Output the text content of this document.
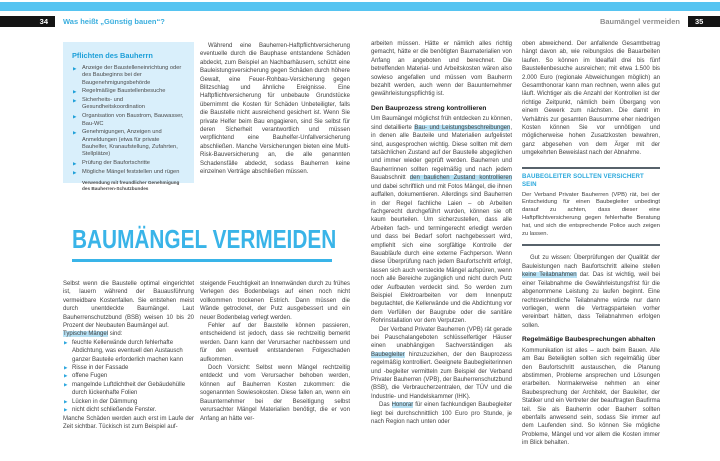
34	Was heißt „Günstig bauen“?	Baumängel vermeiden	35
Pflichten des Bauherrn
▶ Anzeige der Baustelleneinrichtung oder des Baubeginns bei der Baugenehmigungsbehörde
▶ Regelmäßige Baustellenbesuche
▶ Sicherheits- und Gesundheitskoordination
▶ Organisation von Baustrom, Bauwasser, Bau-WC
▶ Genehmigungen, Anzeigen und Anmeldungen (etwa für private Bauhelfer, Kranaufstellung, Zufahrten, Stellplätze)
▶ Prüfung der Baufortschritte
▶ Mögliche Mängel feststellen und rügen
Verwendung mit freundlicher Genehmigung des Bauherren-Schutzbundes

Während eine Bauherren-Haftpflichtversicherung eventuelle durch die Bauphase entstandene Schäden abdeckt, zum Beispiel an Nachbarhäusern, schützt eine Bauleistungsversicherung gegen Schäden durch höhere Gewalt, eine Feuer-Rohbau-Versicherung gegen Blitzschlag und ähnliche Ereignisse. Eine Haftpflichtversicherung für unbebaute Grundstücke übernimmt die Kosten für Schäden Unbeteiligter, falls die Baustelle nicht ausreichend gesichert ist. Wenn Sie private Helfer beim Bau engagieren, sind Sie selbst für deren Sicherheit verantwortlich und müssen verpflichtend eine Bauhelfer-Unfallversicherung abschließen. Manche Versicherungen bieten eine Multi-Risk-Bauversicherung an, die alle genannten Schadensfälle abdeckt, sodass Bauherren keine einzelnen Verträge abschließen müssen.

BAUMÄNGEL VERMEIDEN

Selbst wenn die Baustelle optimal eingerichtet ist, lauern während der Bauausführung vermeidbare Kostenfallen. Sie entstehen meist durch unentdeckte Baumängel. Laut Bauherrenschutzbund (BSB) weisen 10 bis 20 Prozent der Neubauten Baumängel auf.

Typische Mängel sind:

▶ feuchte Kellerwände durch fehlerhafte Abdichtung, was eventuell den Austausch ganzer Bauteile erforderlich machen kann
▶ Risse in der Fassade
▶ offene Fugen
▶ mangelnde Luftdichtheit der Gebäudehülle durch lückenhafte Folien
▶ Lücken in der Dämmung
▶ nicht dicht schließende Fenster.

Manche Schäden werden auch erst im Laufe der Zeit sichtbar. Tückisch ist zum Beispiel auf-

steigende Feuchtigkeit an Innenwänden durch zu frühes Verlegen des Bodenbelags auf einen noch nicht vollkommen trockenen Estrich. Dann müssen die Wände getrocknet, der Putz ausgebessert und ein neuer Bodenbelag verlegt werden.

Fehler auf der Baustelle können passieren, entscheidend ist jedoch, dass sie rechtzeitig bemerkt werden. Dann kann der Verursacher nachbessern und für den eventuell entstandenen Folgeschaden aufkommen.

Doch Vorsicht: Selbst wenn Mängel rechtzeitig entdeckt und vom Verursacher behoben werden, können auf Bauherren Kosten zukommen: die sogenannten Sowiesokosten. Diese fallen an, wenn ein Bauunternehmer bei der Beseitigung selbst verursachter Mängel Materialien benötigt, die er von Anfang an hätte ver-

arbeiten müssen. Hätte er nämlich alles richtig gemacht, hätte er die benötigten Baumaterialien von Anfang an angeboten und berechnet. Die betreffenden Material- und Arbeitskosten wären also sowieso angefallen und müssen vom Bauherrn bezahlt werden, auch wenn der Bauunternehmer gewährleistungspflichtig ist.

Den Bauprozess streng kontrollieren

Um Baumängel möglichst früh entdecken zu können, sind detaillierte Bau- und Leistungsbeschreibungen, in denen alle Bauteile und Materialien aufgelistet sind, ausgesprochen wichtig. Diese sollten mit dem tatsächlichen Zustand auf der Baustelle abgeglichen und immer wieder geprüft werden. Bauherren und Bauherrinnen sollten regelmäßig und nach jedem Bauabschnitt den baulichen Zustand kontrollieren und dabei schriftlich und mit Fotos Mängel, die ihnen auffallen, dokumentieren. Allerdings sind Bauherren in der Regel fachliche Laien – ob Arbeiten fachgerecht durchgeführt wurden, können sie oft kaum beurteilen. Um sicherzustellen, dass alle Arbeiten fach- und termingerecht erledigt werden und dass bei Bedarf sofort nachgebessert wird, empfiehlt sich eine sorgfältige Kontrolle der Bauabläufe durch eine externe Fachperson. Wenn diese Überprüfung nach jedem Baufortschritt erfolgt, lassen sich auch versteckte Mängel aufspüren, wenn noch alle Bereiche zugänglich und nicht durch Putz oder Aufbauten verdeckt sind. So werden zum Beispiel Elektroarbeiten vor dem Innenputz begutachtet, die Kellerwände und die Abdichtung vor dem Verfüllen der Baugrube oder die sanitäre Rohrinstallation vor dem Verputzen.

Der Verband Privater Bauherren (VPB) rät gerade bei Pauschalangeboten schlüsselfertiger Häuser einen unabhängigen Sachverständigen als Baubegleiter hinzuzuziehen, der den Bauprozess regelmäßig kontrolliert. Geeignete Baubegleiterinnen und -begleiter vermitteln zum Beispiel der Verband Privater Bauherren (VPB), der Bauherrenschutzbund (BSB), die Verbraucherzentralen, der TÜV und die Industrie- und Handelskammer (IHK).

Das Honorar für einen fachkundigen Baubegleiter liegt bei durchschnittlich 100 Euro pro Stunde, je nach Region nach unten oder

oben abweichend. Der anfallende Gesamtbetrag hängt davon ab, wie reibungslos die Bauarbeiten laufen. So können im Idealfall drei bis fünf Baustellenbesuche ausreichen; mit etwa 1.500 bis 2.000 Euro (regionale Abweichungen möglich) an Gesamthonorar kann man rechnen, wenn alles gut läuft. Wichtiger als die Anzahl der Kontrollen ist der richtige Zeitpunkt, nämlich beim Übergang von einem Gewerk zum nächsten. Die damit im Verhältnis zur gesamten Bausumme eher niedrigen Kosten können Sie vor unnötigen und möglicherweise hohen Zusatzkosten bewahren, ganz abgesehen von dem Ärger mit der umgekehrten Beweislast nach der Abnahme.

BAUBEGLEITER SOLLTEN VERSICHERT SEIN
Der Verband Privater Bauherren (VPB) rät, bei der Entscheidung für einen Baubegleiter unbedingt darauf zu achten, dass dieser eine Haftpflichtversicherung gegen fehlerhafte Beratung hat, und sich die entsprechende Police auch zeigen zu lassen.

Gut zu wissen: Überprüfungen der Qualität der Bauleistungen nach Baufortschritt alleine stellen keine Teilabnahmen dar. Das ist wichtig, weil bei einer Teilabnahme die Gewährleistungsfrist für die abgenommene Leistung zu laufen beginnt. Eine rechtsverbindliche Teilabnahme würde nur dann vorliegen, wenn die Vertragsparteien vorher vereinbart hätten, dass Teilabnahmen erfolgen sollen.

Regelmäßige Baubesprechungen abhalten

Kommunikation ist alles – auch beim Bauen. Alle am Bau Beteiligten sollten sich regelmäßig über den Baufortschritt austauschen, die Planung abstimmen, Probleme ansprechen und Lösungen erarbeiten. Normalerweise nehmen an einer Baubesprechung der Architekt, der Bauleiter, der Statiker und ein Vertreter der beauftragten Baufirma teil. Sie als Bauherrin oder Bauherr sollten ebenfalls anwesend sein, sodass Sie immer auf dem Laufenden sind. So können Sie mögliche Probleme, Mängel und vor allem die Kosten immer im Blick behalten.
